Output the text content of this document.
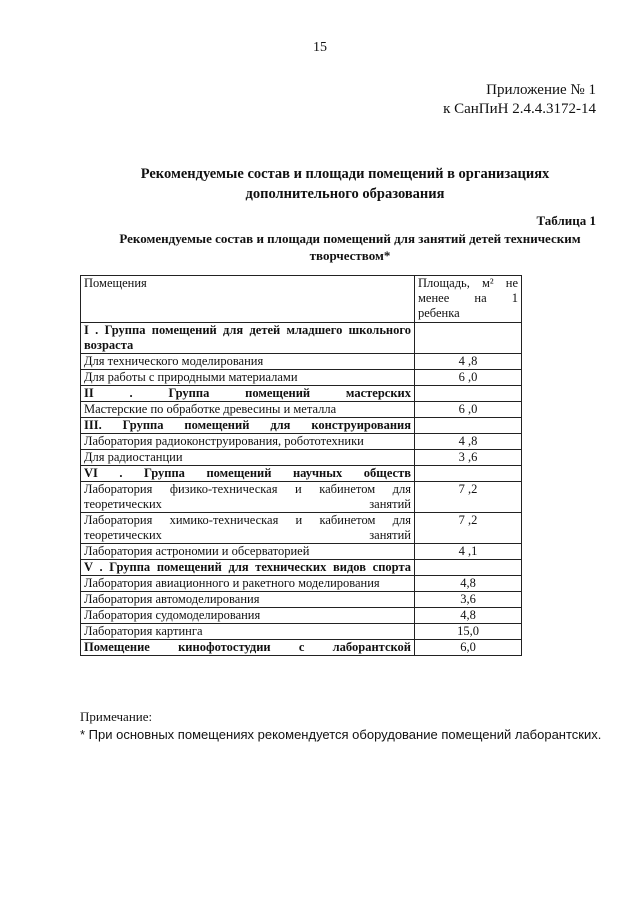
15
Приложение № 1
к СанПиН 2.4.4.3172-14
Рекомендуемые состав и площади помещений в организациях дополнительного образования
Таблица 1
Рекомендуемые состав и площади помещений для занятий детей техническим творчеством*
Помещения	Площадь, м² не
менее на 1
ребенка
I . Группа помещений для детей младшего школьного возраста	
Для технического моделирования	4 ,8
Для работы с природными материалами	6 ,0
II . Группа помещений мастерских	
Мастерские по обработке древесины и металла	6 ,0
III. Группа помещений для конструирования	
Лаборатория радиоконструирования, робототехники	4 ,8
Для радиостанции	3 ,6
VI . Группа помещений научных обществ	
Лаборатория физико-техническая и кабинетом для теоретических занятий	7 ,2
Лаборатория химико-техническая и кабинетом для теоретических занятий	7 ,2
Лаборатория астрономии и обсерваторией	4 ,1
V . Группа помещений для технических видов спорта	
Лаборатория авиационного и ракетного моделирования	4,8
Лаборатория автомоделирования	3,6
Лаборатория судомоделирования	4,8
Лаборатория картинга	15,0
Помещение кинофотостудии с лаборантской	6,0
Примечание:
* При основных помещениях рекомендуется оборудование помещений лаборантских.
